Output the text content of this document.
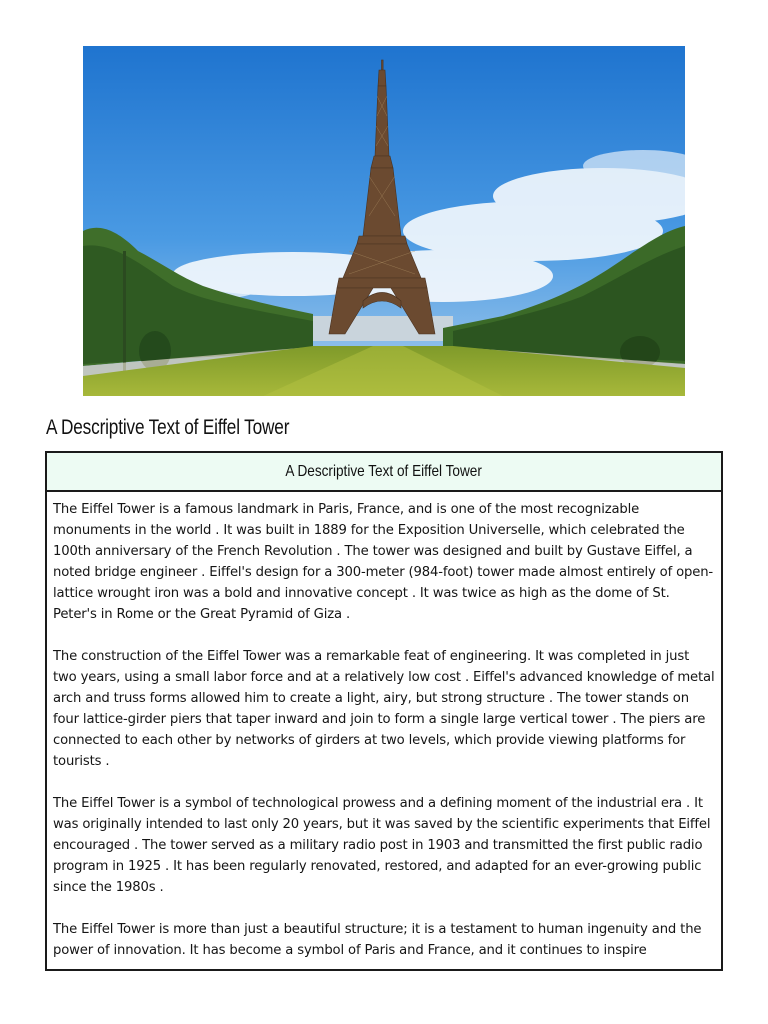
A Descriptive Text of Eiffel Tower
A Descriptive Text of Eiffel Tower

The Eiffel Tower is a famous landmark in Paris, France, and is one of the most recognizable monuments in the world . It was built in 1889 for the Exposition Universelle, which celebrated the 100th anniversary of the French Revolution . The tower was designed and built by Gustave Eiffel, a noted bridge engineer . Eiffel's design for a 300-meter (984-foot) tower made almost entirely of open-lattice wrought iron was a bold and innovative concept . It was twice as high as the dome of St. Peter's in Rome or the Great Pyramid of Giza .

The construction of the Eiffel Tower was a remarkable feat of engineering. It was completed in just two years, using a small labor force and at a relatively low cost . Eiffel's advanced knowledge of metal arch and truss forms allowed him to create a light, airy, but strong structure . The tower stands on four lattice-girder piers that taper inward and join to form a single large vertical tower . The piers are connected to each other by networks of girders at two levels, which provide viewing platforms for tourists .

The Eiffel Tower is a symbol of technological prowess and a defining moment of the industrial era . It was originally intended to last only 20 years, but it was saved by the scientific experiments that Eiffel encouraged . The tower served as a military radio post in 1903 and transmitted the first public radio program in 1925 . It has been regularly renovated, restored, and adapted for an ever-growing public since the 1980s .

The Eiffel Tower is more than just a beautiful structure; it is a testament to human ingenuity and the power of innovation. It has become a symbol of Paris and France, and it continues to inspire
